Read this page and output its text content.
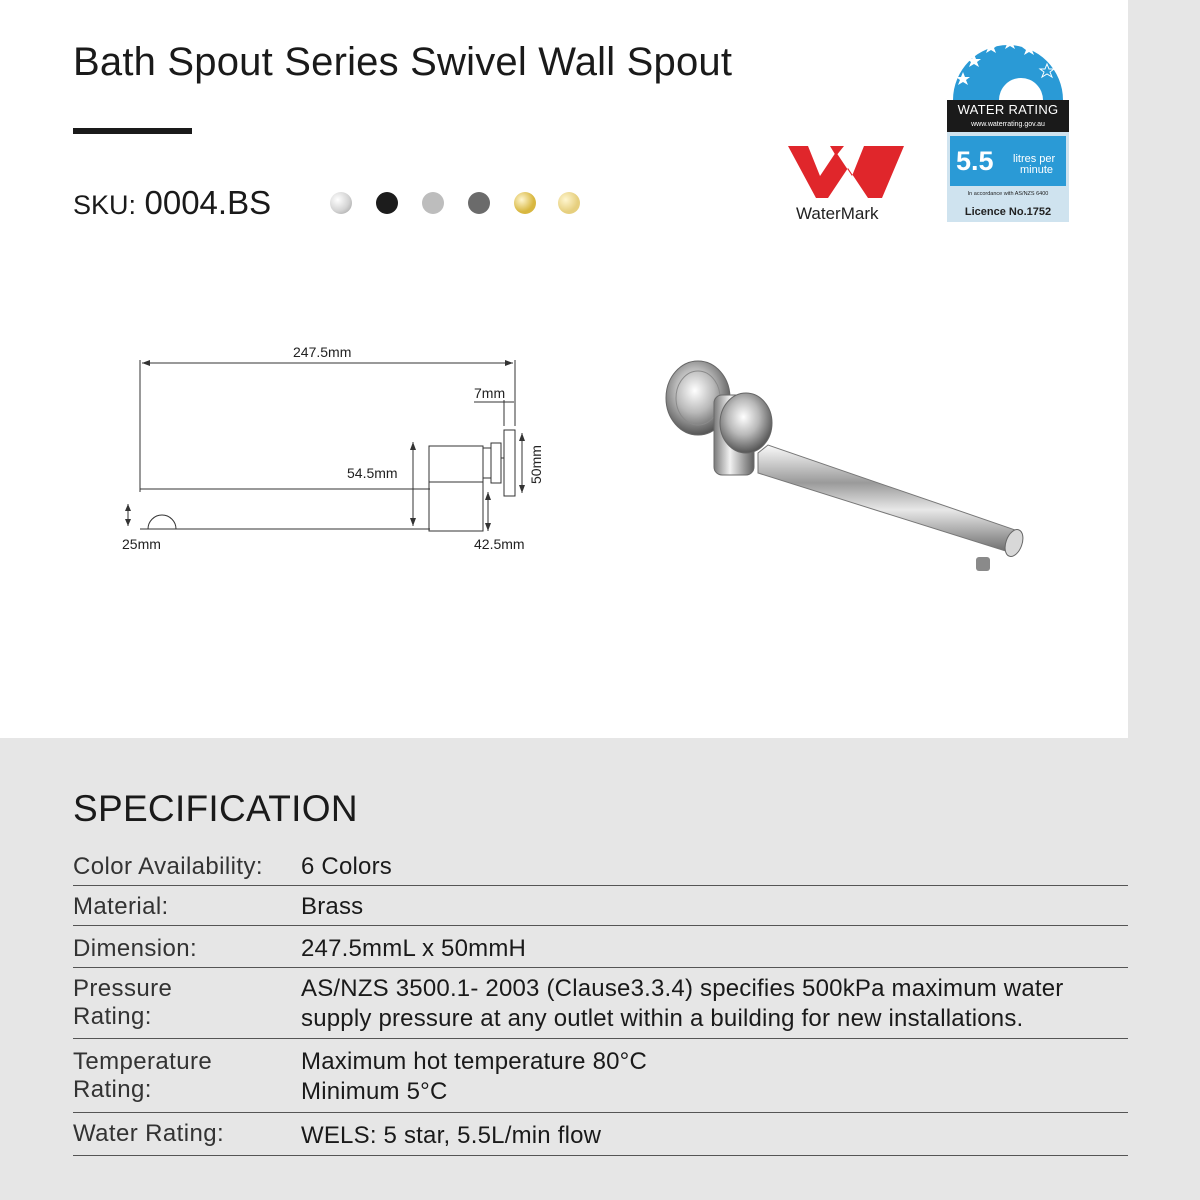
Bath Spout Series Swivel Wall Spout
SKU: 0004.BS	WaterMark
WATER RATING
www.waterrating.gov.au
5.5 litres per
minute
In accordance with AS/NZS 6400
Licence No.1752
247.5mm
7mm
54.5mm	50mm
25mm	42.5mm
SPECIFICATION
Color Availability: 6 Colors
Material:	Brass
Dimension:	247.5mmL x 50mmH
Pressure
Rating:
AS/NZS 3500.1- 2003 (Clause3.3.4) specifies 500kPa maximum water
supply pressure at any outlet within a building for new installations.
Temperature
Rating:
Maximum hot temperature 80°C
Minimum 5°C
Water Rating:	WELS: 5 star, 5.5L/min flow
